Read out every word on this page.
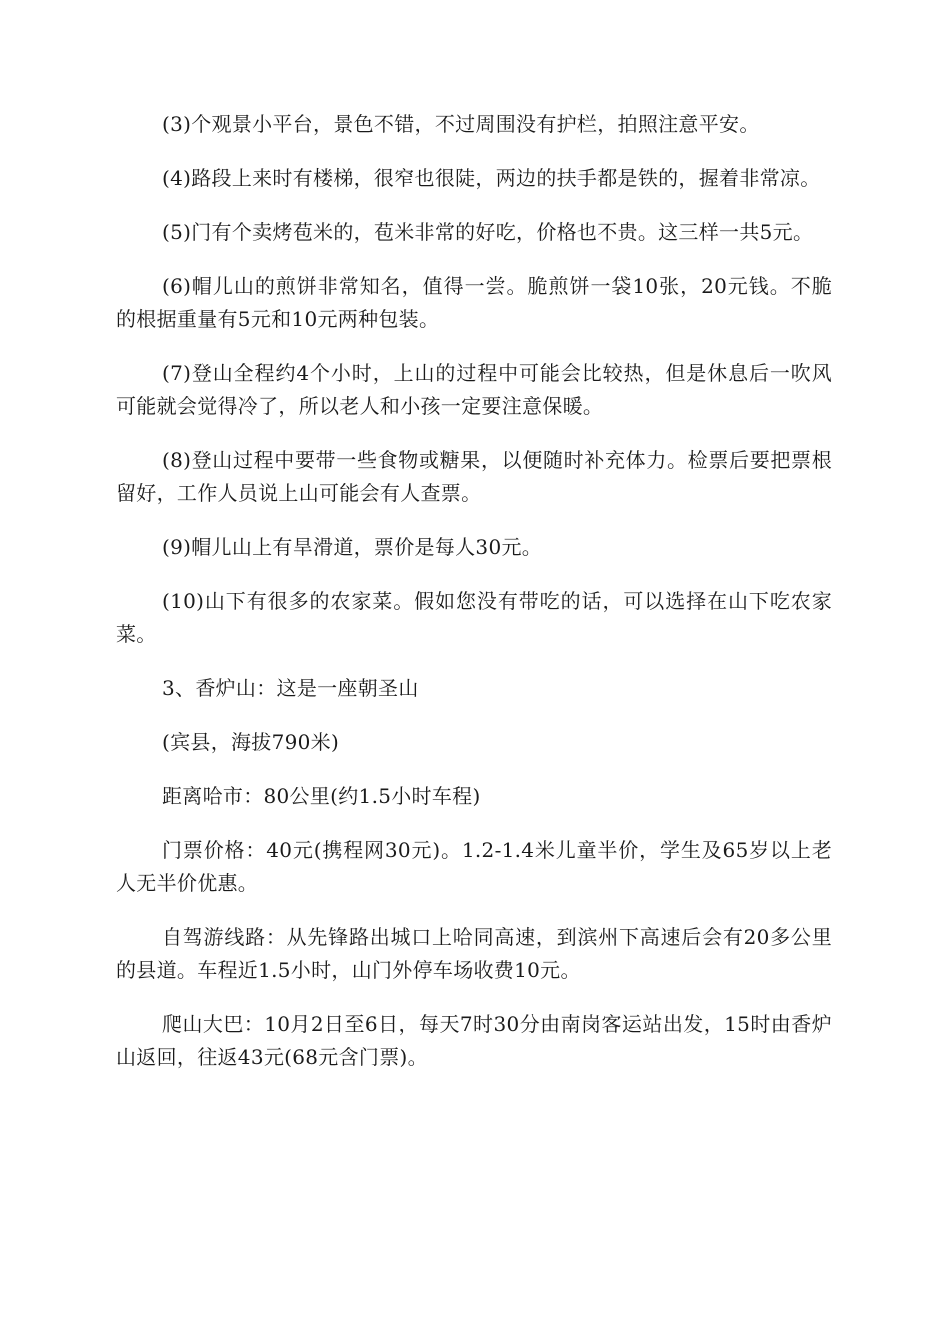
(3)个观景小平台，景色不错，不过周围没有护栏，拍照注意平安。

(4)路段上来时有楼梯，很窄也很陡，两边的扶手都是铁的，握着非常凉。

(5)门有个卖烤苞米的，苞米非常的好吃，价格也不贵。这三样一共5元。

(6)帽儿山的煎饼非常知名，值得一尝。脆煎饼一袋10张，20元钱。不脆的根据重量有5元和10元两种包装。

(7)登山全程约4个小时，上山的过程中可能会比较热，但是休息后一吹风可能就会觉得冷了，所以老人和小孩一定要注意保暖。

(8)登山过程中要带一些食物或糖果，以便随时补充体力。检票后要把票根留好，工作人员说上山可能会有人查票。

(9)帽儿山上有旱滑道，票价是每人30元。

(10)山下有很多的农家菜。假如您没有带吃的话，可以选择在山下吃农家菜。

3、香炉山：这是一座朝圣山

(宾县，海拔790米)

距离哈市：80公里(约1.5小时车程)

门票价格：40元(携程网30元)。1.2-1.4米儿童半价，学生及65岁以上老人无半价优惠。

自驾游线路：从先锋路出城口上哈同高速，到滨州下高速后会有20多公里的县道。车程近1.5小时，山门外停车场收费10元。

爬山大巴：10月2日至6日，每天7时30分由南岗客运站出发，15时由香炉山返回，往返43元(68元含门票)。
